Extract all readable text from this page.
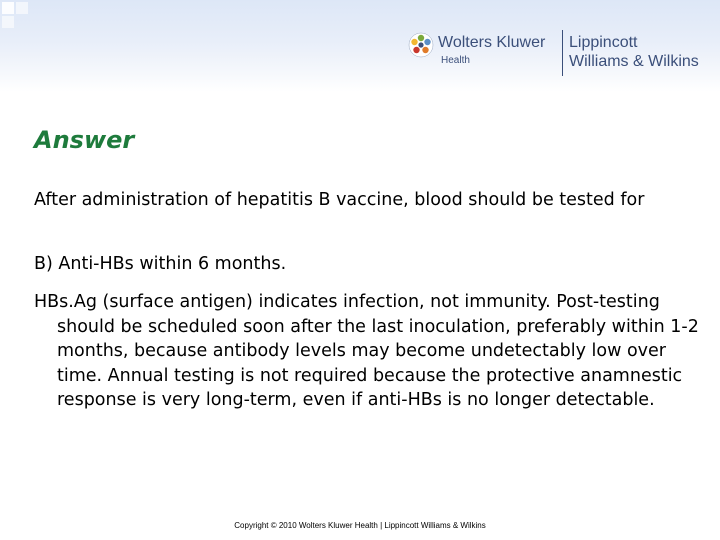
Wolters Kluwer
Health
Lippincott
Williams & Wilkins
Answer

After administration of hepatitis B vaccine, blood should be tested for

B) Anti-HBs within 6 months.

HBs.Ag (surface antigen) indicates infection, not immunity. Post-testing should be scheduled soon after the last inoculation, preferably within 1-2 months, because antibody levels may become undetectably low over time. Annual testing is not required because the protective anamnestic response is very long-term, even if anti-HBs is no longer detectable.

Copyright © 2010 Wolters Kluwer Health | Lippincott Williams & Wilkins
